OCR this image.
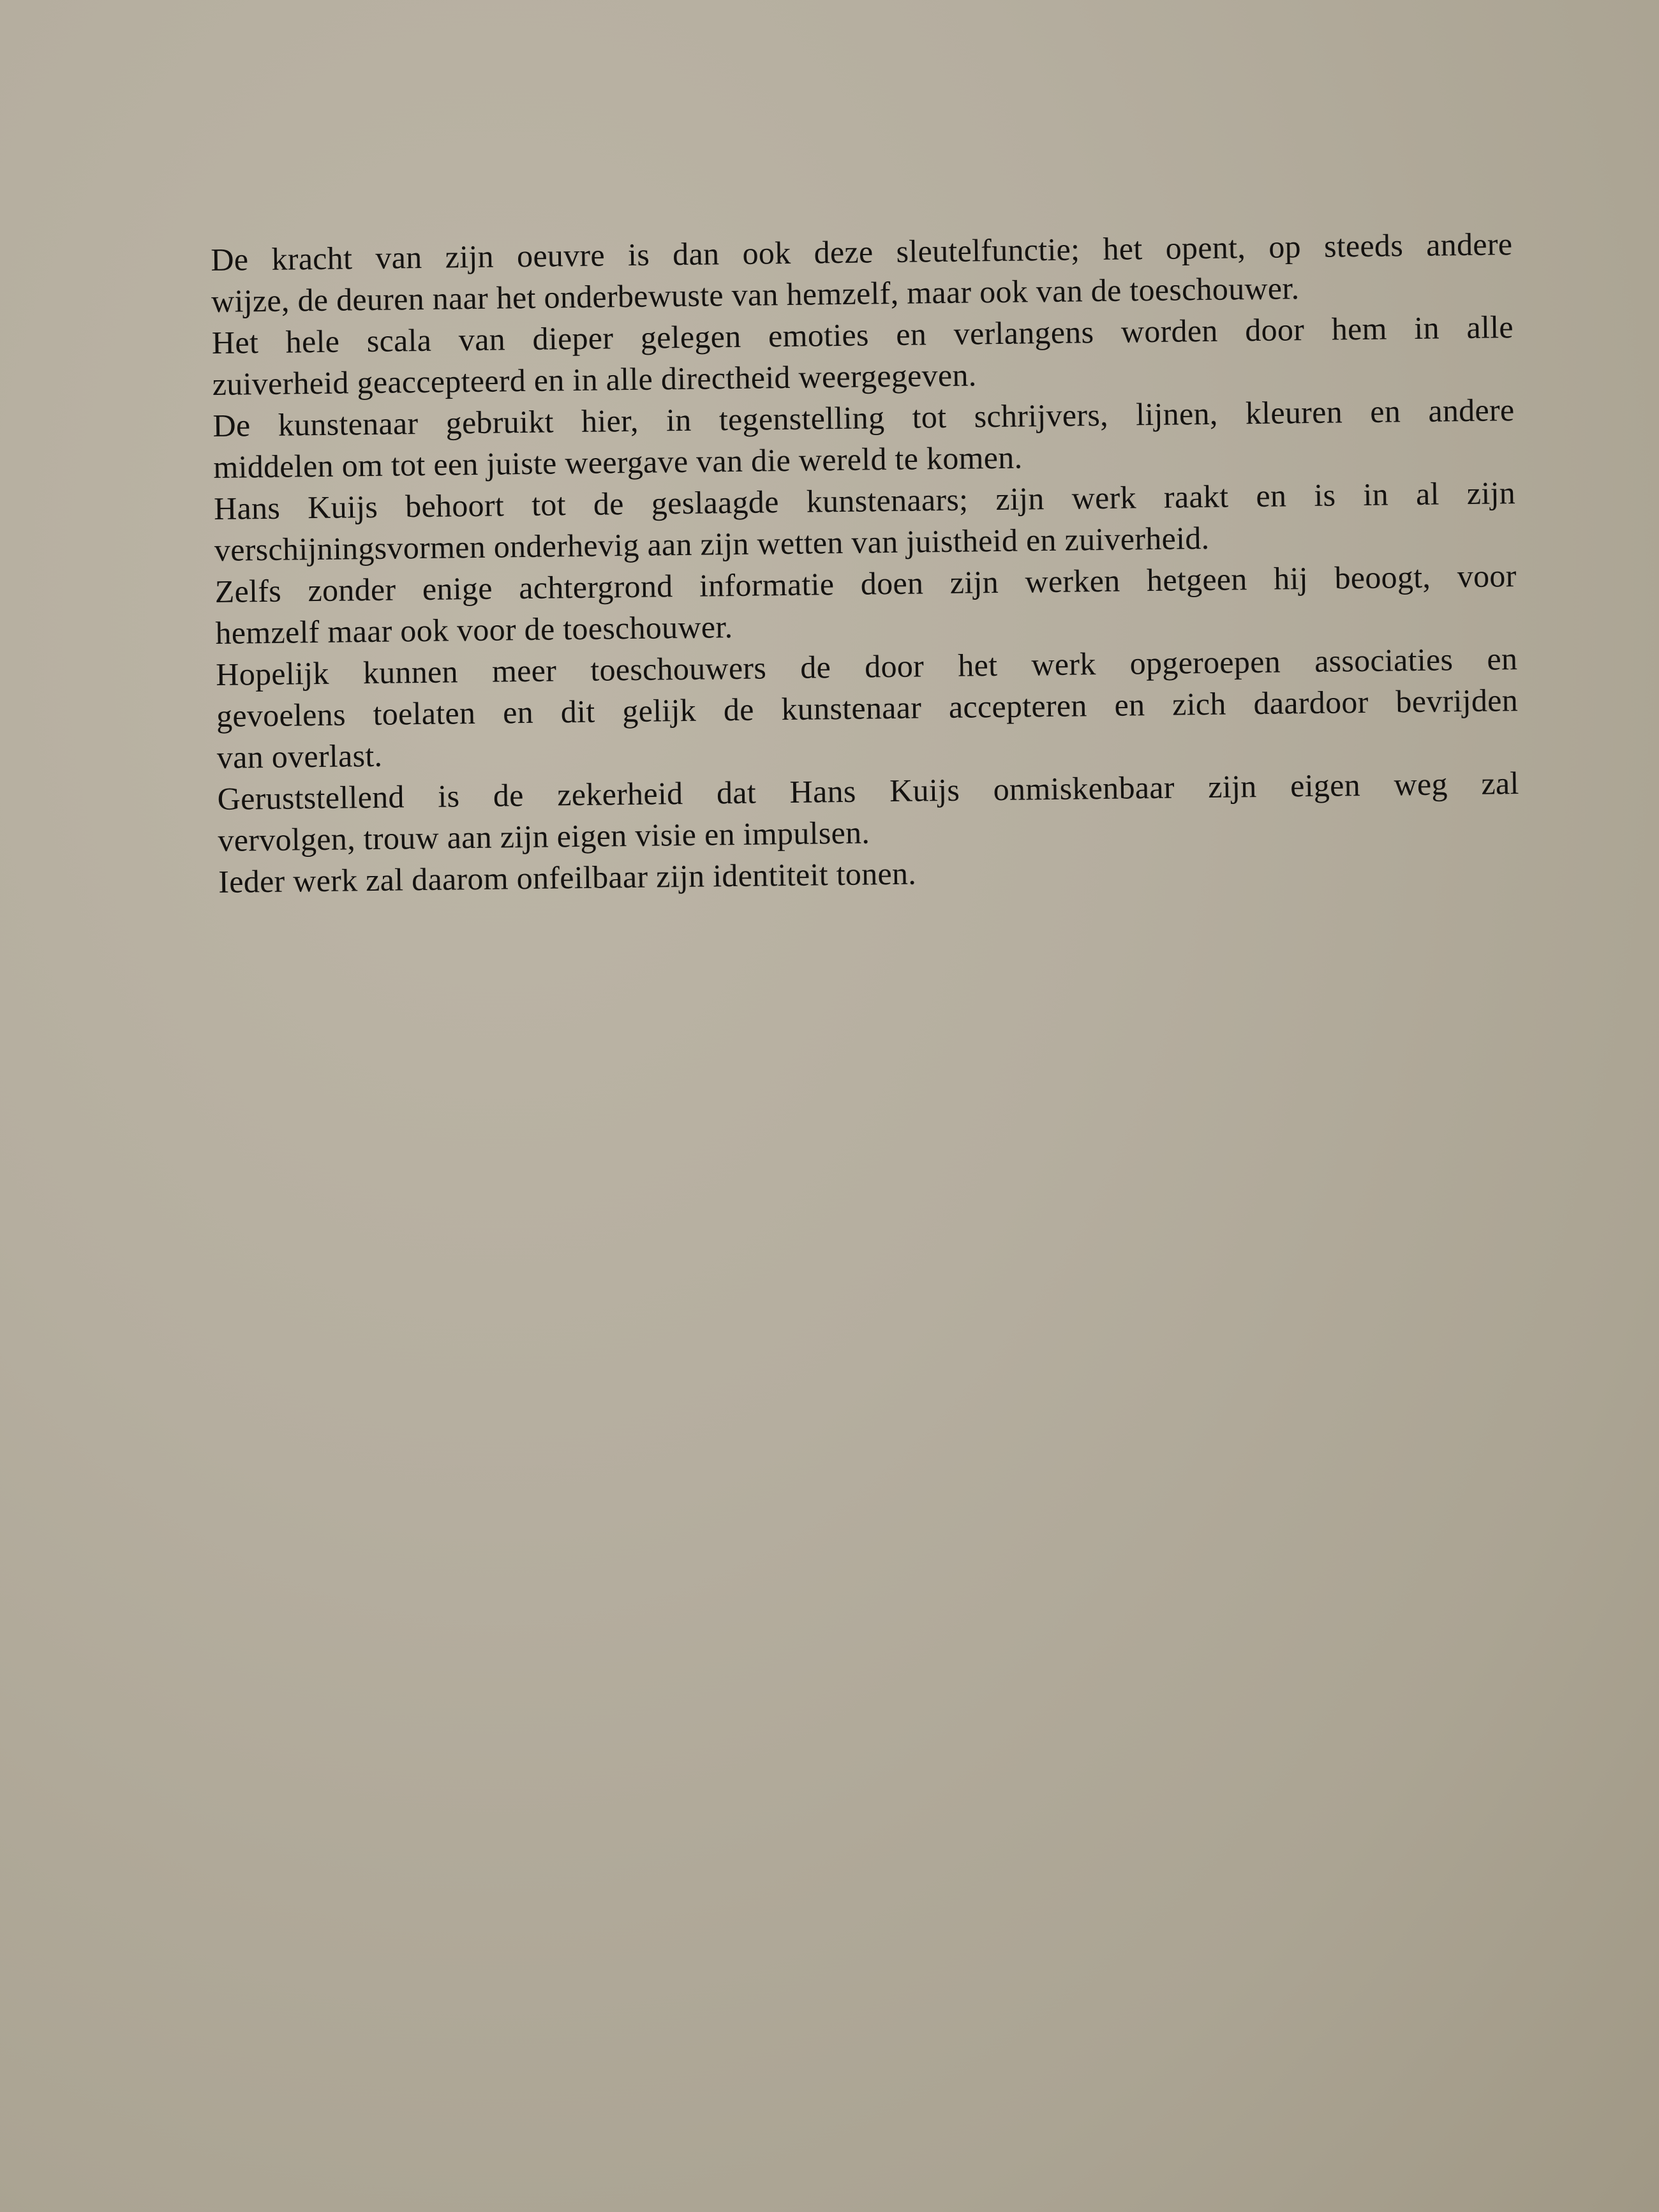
De kracht van zijn oeuvre is dan ook deze sleutelfunctie; het opent, op steeds andere
wijze, de deuren naar het onderbewuste van hemzelf, maar ook van de toeschouwer.

Het hele scala van dieper gelegen emoties en verlangens worden door hem in alle
zuiverheid geaccepteerd en in alle directheid weergegeven.

De kunstenaar gebruikt hier, in tegenstelling tot schrijvers, lijnen, kleuren en andere
middelen om tot een juiste weergave van die wereld te komen.

Hans Kuijs behoort tot de geslaagde kunstenaars; zijn werk raakt en is in al zijn
verschijningsvormen onderhevig aan zijn wetten van juistheid en zuiverheid.

Zelfs zonder enige achtergrond informatie doen zijn werken hetgeen hij beoogt, voor
hemzelf maar ook voor de toeschouwer.

Hopelijk kunnen meer toeschouwers de door het werk opgeroepen associaties en
gevoelens toelaten en dit gelijk de kunstenaar accepteren en zich daardoor bevrijden
van overlast.

Geruststellend is de zekerheid dat Hans Kuijs onmiskenbaar zijn eigen weg zal
vervolgen, trouw aan zijn eigen visie en impulsen.

Ieder werk zal daarom onfeilbaar zijn identiteit tonen.
